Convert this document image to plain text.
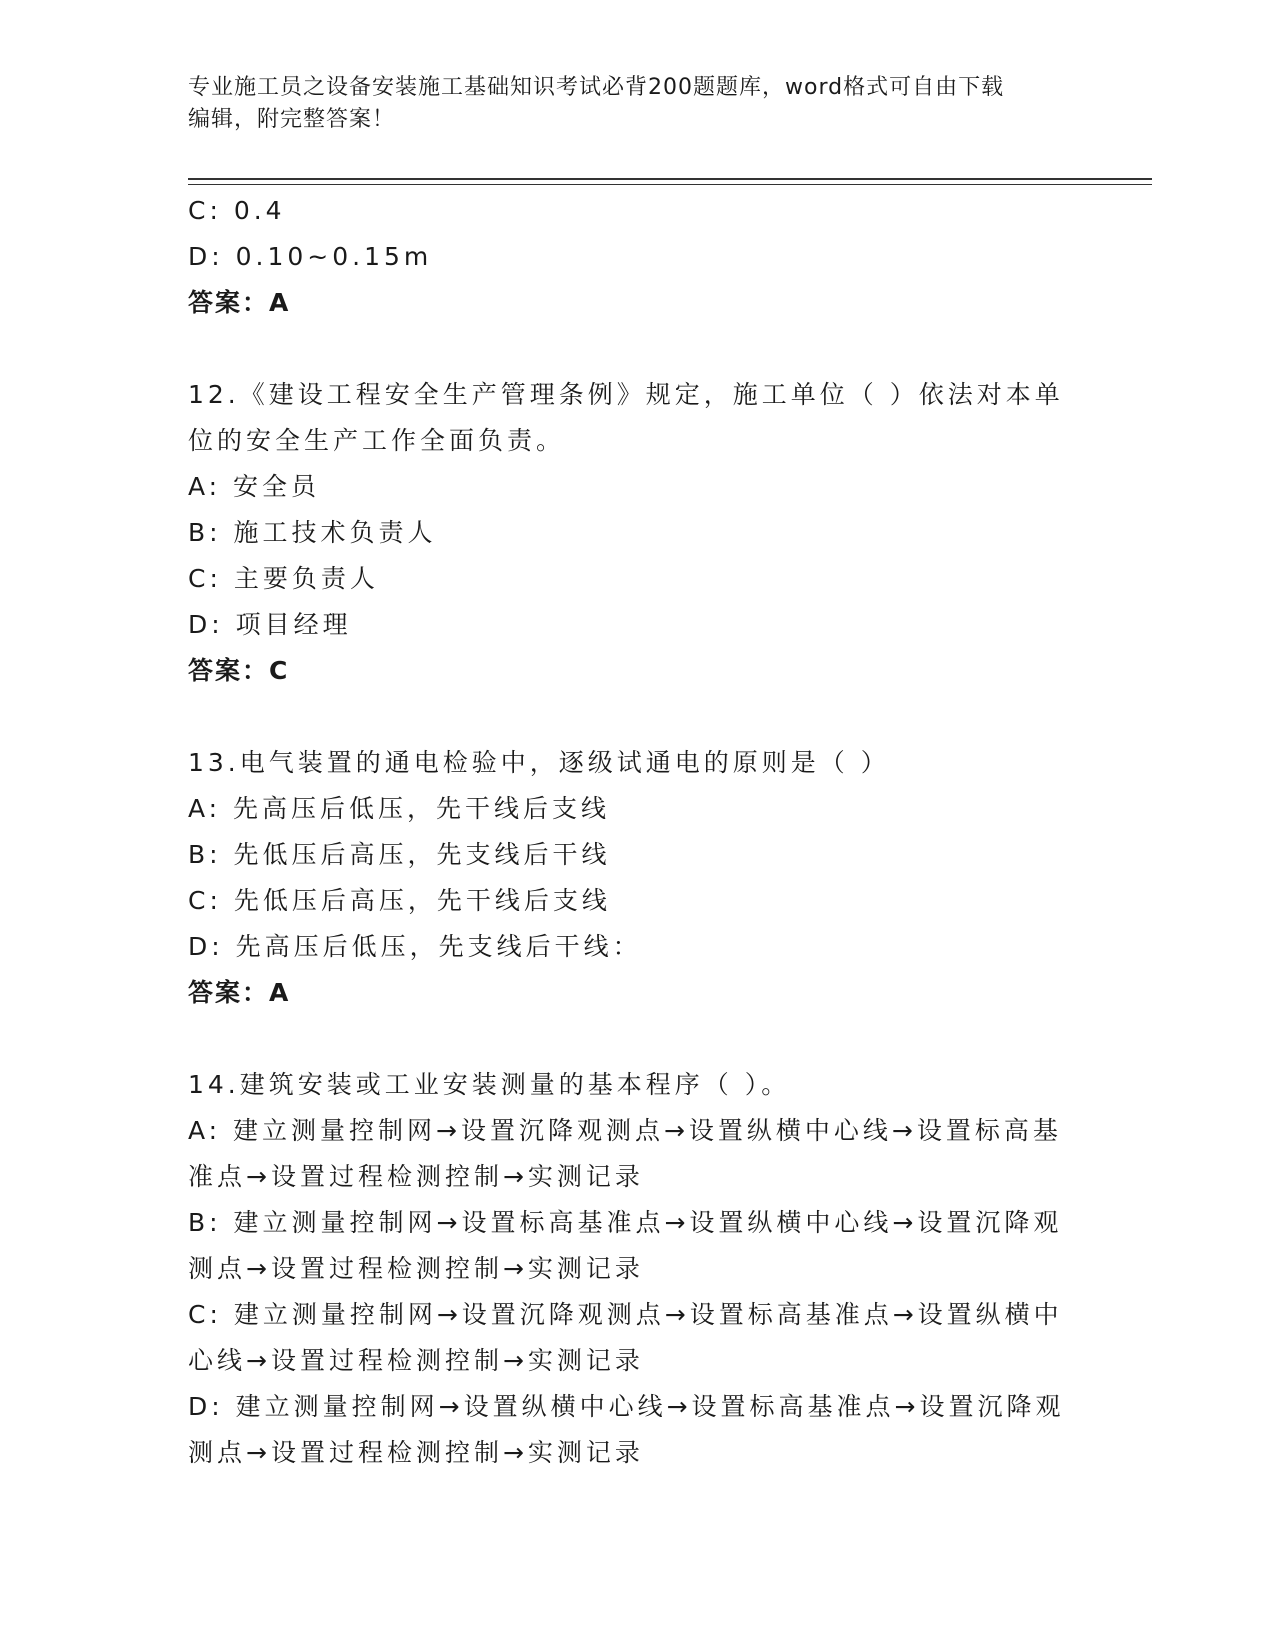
专业施工员之设备安装施工基础知识考试必背200题题库，word格式可自由下载
编辑，附完整答案！
C: 0.4
D: 0.10~0.15m
答案：A
12.《建设工程安全生产管理条例》规定，施工单位（ ）依法对本单
位的安全生产工作全面负责。
A: 安全员
B: 施工技术负责人
C: 主要负责人
D: 项目经理
答案：C
13.电气装置的通电检验中，逐级试通电的原则是（ ）
A: 先高压后低压，先干线后支线
B: 先低压后高压，先支线后干线
C: 先低压后高压，先干线后支线
D: 先高压后低压，先支线后干线：
答案：A
14.建筑安装或工业安装测量的基本程序（ ）。
A: 建立测量控制网→设置沉降观测点→设置纵横中心线→设置标高基
准点→设置过程检测控制→实测记录
B: 建立测量控制网→设置标高基准点→设置纵横中心线→设置沉降观
测点→设置过程检测控制→实测记录
C: 建立测量控制网→设置沉降观测点→设置标高基准点→设置纵横中
心线→设置过程检测控制→实测记录
D: 建立测量控制网→设置纵横中心线→设置标高基准点→设置沉降观
测点→设置过程检测控制→实测记录
